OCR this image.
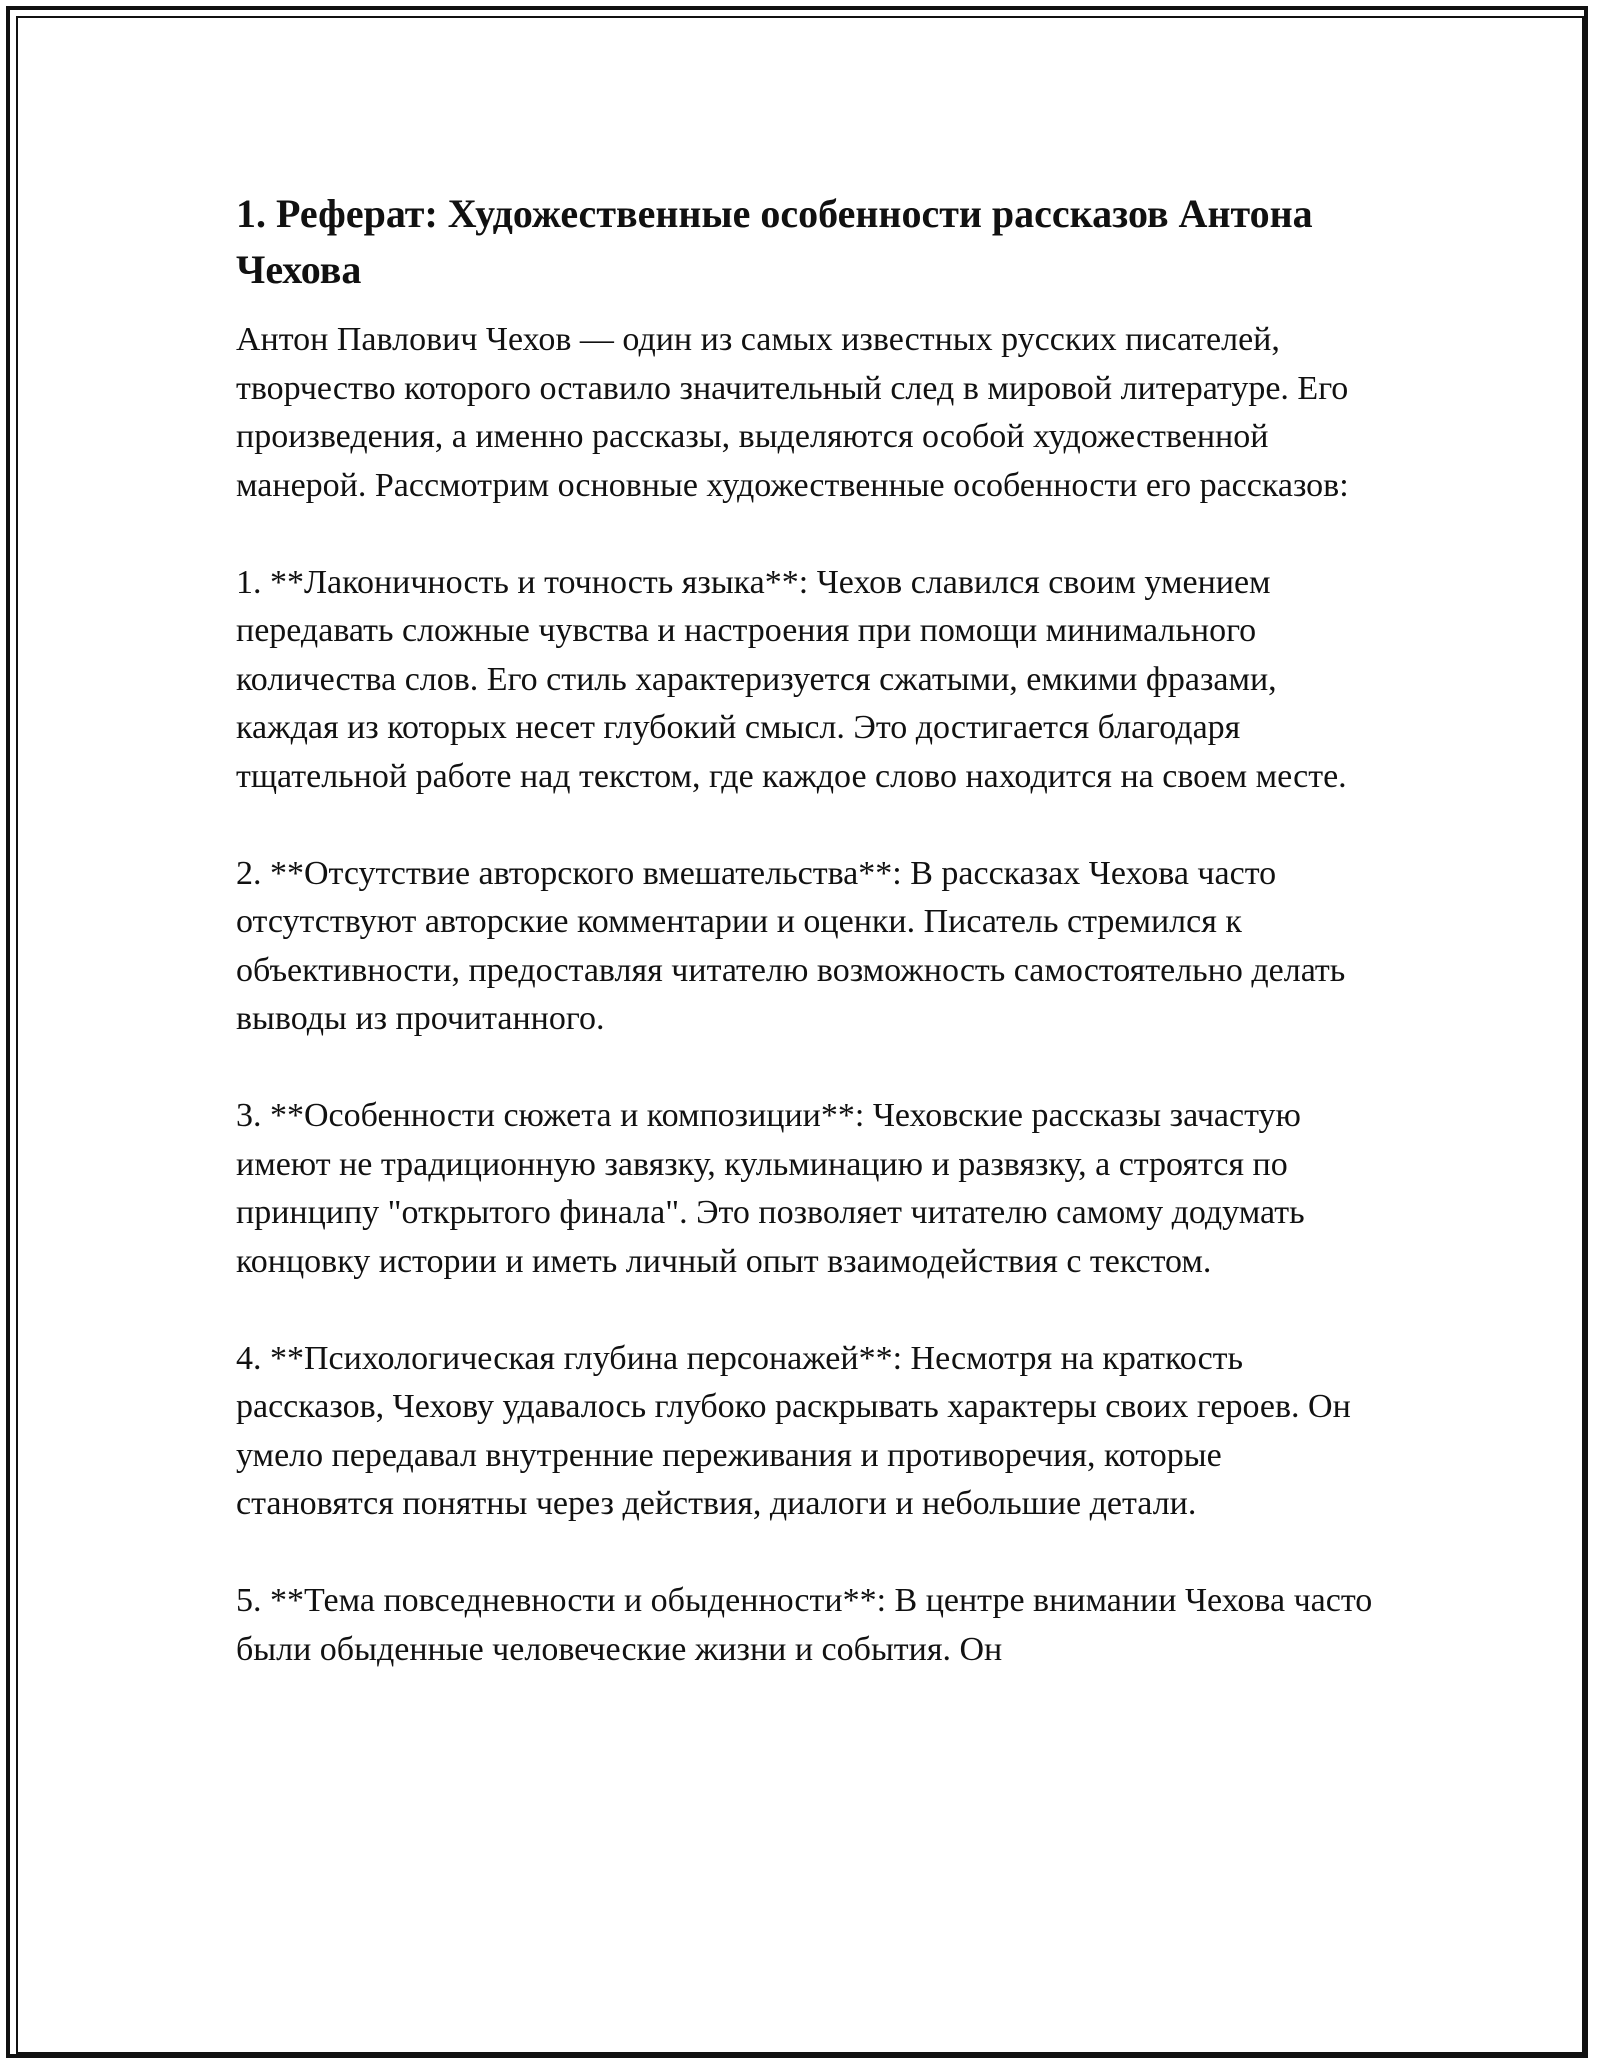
1. Реферат: Художественные особенности рассказов Антона Чехова

Антон Павлович Чехов — один из самых известных русских писателей, творчество которого оставило значительный след в мировой литературе. Его произведения, а именно рассказы, выделяются особой художественной манерой. Рассмотрим основные художественные особенности его рассказов:

1. **Лаконичность и точность языка**: Чехов славился своим умением передавать сложные чувства и настроения при помощи минимального количества слов. Его стиль характеризуется сжатыми, емкими фразами, каждая из которых несет глубокий смысл. Это достигается благодаря тщательной работе над текстом, где каждое слово находится на своем месте.

2. **Отсутствие авторского вмешательства**: В рассказах Чехова часто отсутствуют авторские комментарии и оценки. Писатель стремился к объективности, предоставляя читателю возможность самостоятельно делать выводы из прочитанного.

3. **Особенности сюжета и композиции**: Чеховские рассказы зачастую имеют не традиционную завязку, кульминацию и развязку, а строятся по принципу "открытого финала". Это позволяет читателю самому додумать концовку истории и иметь личный опыт взаимодействия с текстом.

4. **Психологическая глубина персонажей**: Несмотря на краткость рассказов, Чехову удавалось глубоко раскрывать характеры своих героев. Он умело передавал внутренние переживания и противоречия, которые становятся понятны через действия, диалоги и небольшие детали.

5. **Тема повседневности и обыденности**: В центре внимании Чехова часто были обыденные человеческие жизни и события. Он
